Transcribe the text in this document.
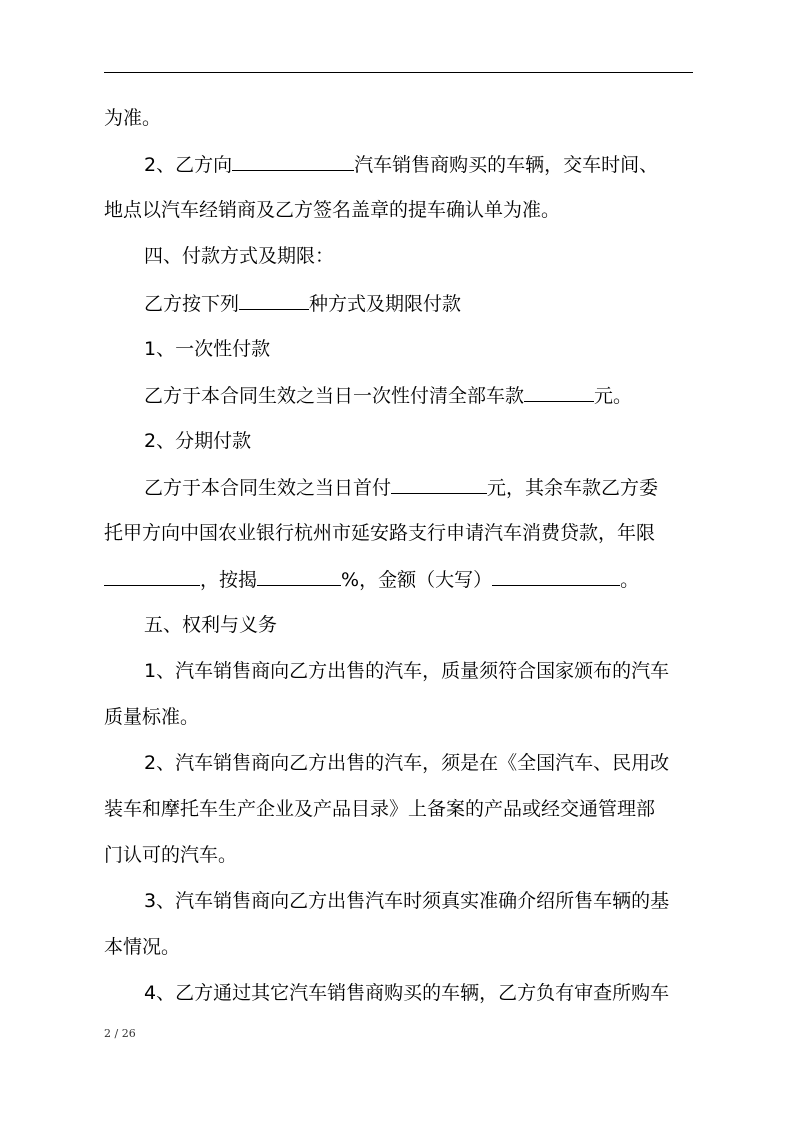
为准。
2、乙方向	汽车销售商购买的车辆，交车时间、
地点以汽车经销商及乙方签名盖章的提车确认单为准。
四、付款方式及期限：
乙方按下列	种方式及期限付款
1、一次性付款
乙方于本合同生效之当日一次性付清全部车款	元。
2、分期付款
乙方于本合同生效之当日首付	元，其余车款乙方委
托甲方向中国农业银行杭州市延安路支行申请汽车消费贷款，年限
，按揭	%，金额（大写）	。
五、权利与义务
1、汽车销售商向乙方出售的汽车，质量须符合国家颁布的汽车
质量标准。
2、汽车销售商向乙方出售的汽车，须是在《全国汽车、民用改
装车和摩托车生产企业及产品目录》上备案的产品或经交通管理部
门认可的汽车。
3、汽车销售商向乙方出售汽车时须真实准确介绍所售车辆的基
本情况。
4、乙方通过其它汽车销售商购买的车辆，乙方负有审查所购车
2 / 26
